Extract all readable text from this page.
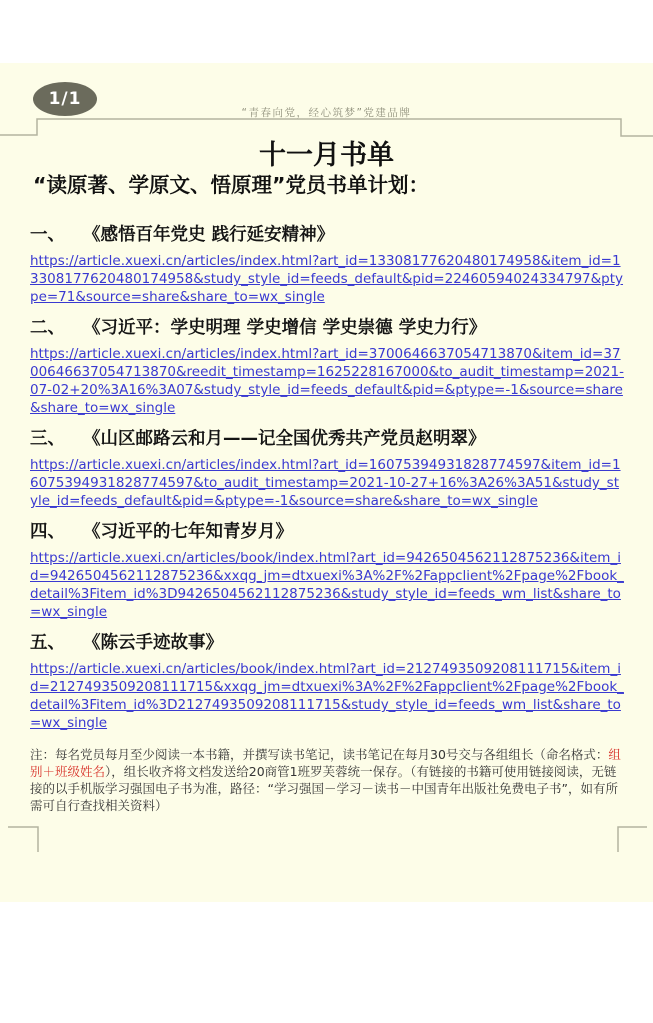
1/1
“青春向党，经心筑梦”党建品牌
十一月书单
“读原著、学原文、悟原理”党员书单计划：
一、	《感悟百年党史 践行延安精神》
https://article.xuexi.cn/articles/index.html?art_id=13308177620480174958&item_id=13308177620480174958&study_style_id=feeds_default&pid=22460594024334797&ptype=71&source=share&share_to=wx_single
二、	《习近平：学史明理 学史增信 学史崇德 学史力行》
https://article.xuexi.cn/articles/index.html?art_id=3700646637054713870&item_id=3700646637054713870&reedit_timestamp=1625228167000&to_audit_timestamp=2021-07-02+20%3A16%3A07&study_style_id=feeds_default&pid=&ptype=-1&source=share&share_to=wx_single
三、	《山区邮路云和月——记全国优秀共产党员赵明翠》
https://article.xuexi.cn/articles/index.html?art_id=16075394931828774597&item_id=16075394931828774597&to_audit_timestamp=2021-10-27+16%3A26%3A51&study_style_id=feeds_default&pid=&ptype=-1&source=share&share_to=wx_single
四、	《习近平的七年知青岁月》
https://article.xuexi.cn/articles/book/index.html?art_id=9426504562112875236&item_id=9426504562112875236&xxqg_jm=dtxuexi%3A%2F%2Fappclient%2Fpage%2Fbook_detail%3Fitem_id%3D9426504562112875236&study_style_id=feeds_wm_list&share_to=wx_single
五、	《陈云手迹故事》
https://article.xuexi.cn/articles/book/index.html?art_id=2127493509208111715&item_id=2127493509208111715&xxqg_jm=dtxuexi%3A%2F%2Fappclient%2Fpage%2Fbook_detail%3Fitem_id%3D2127493509208111715&study_style_id=feeds_wm_list&share_to=wx_single
注：每名党员每月至少阅读一本书籍，并撰写读书笔记，读书笔记在每月30号交与各组组长（命名格式：组别＋班级姓名），组长收齐将文档发送给20商管1班罗芙蓉统一保存。（有链接的书籍可使用链接阅读，无链接的以手机版学习强国电子书为准，路径：“学习强国－学习－读书－中国青年出版社免费电子书”，如有所需可自行查找相关资料）
